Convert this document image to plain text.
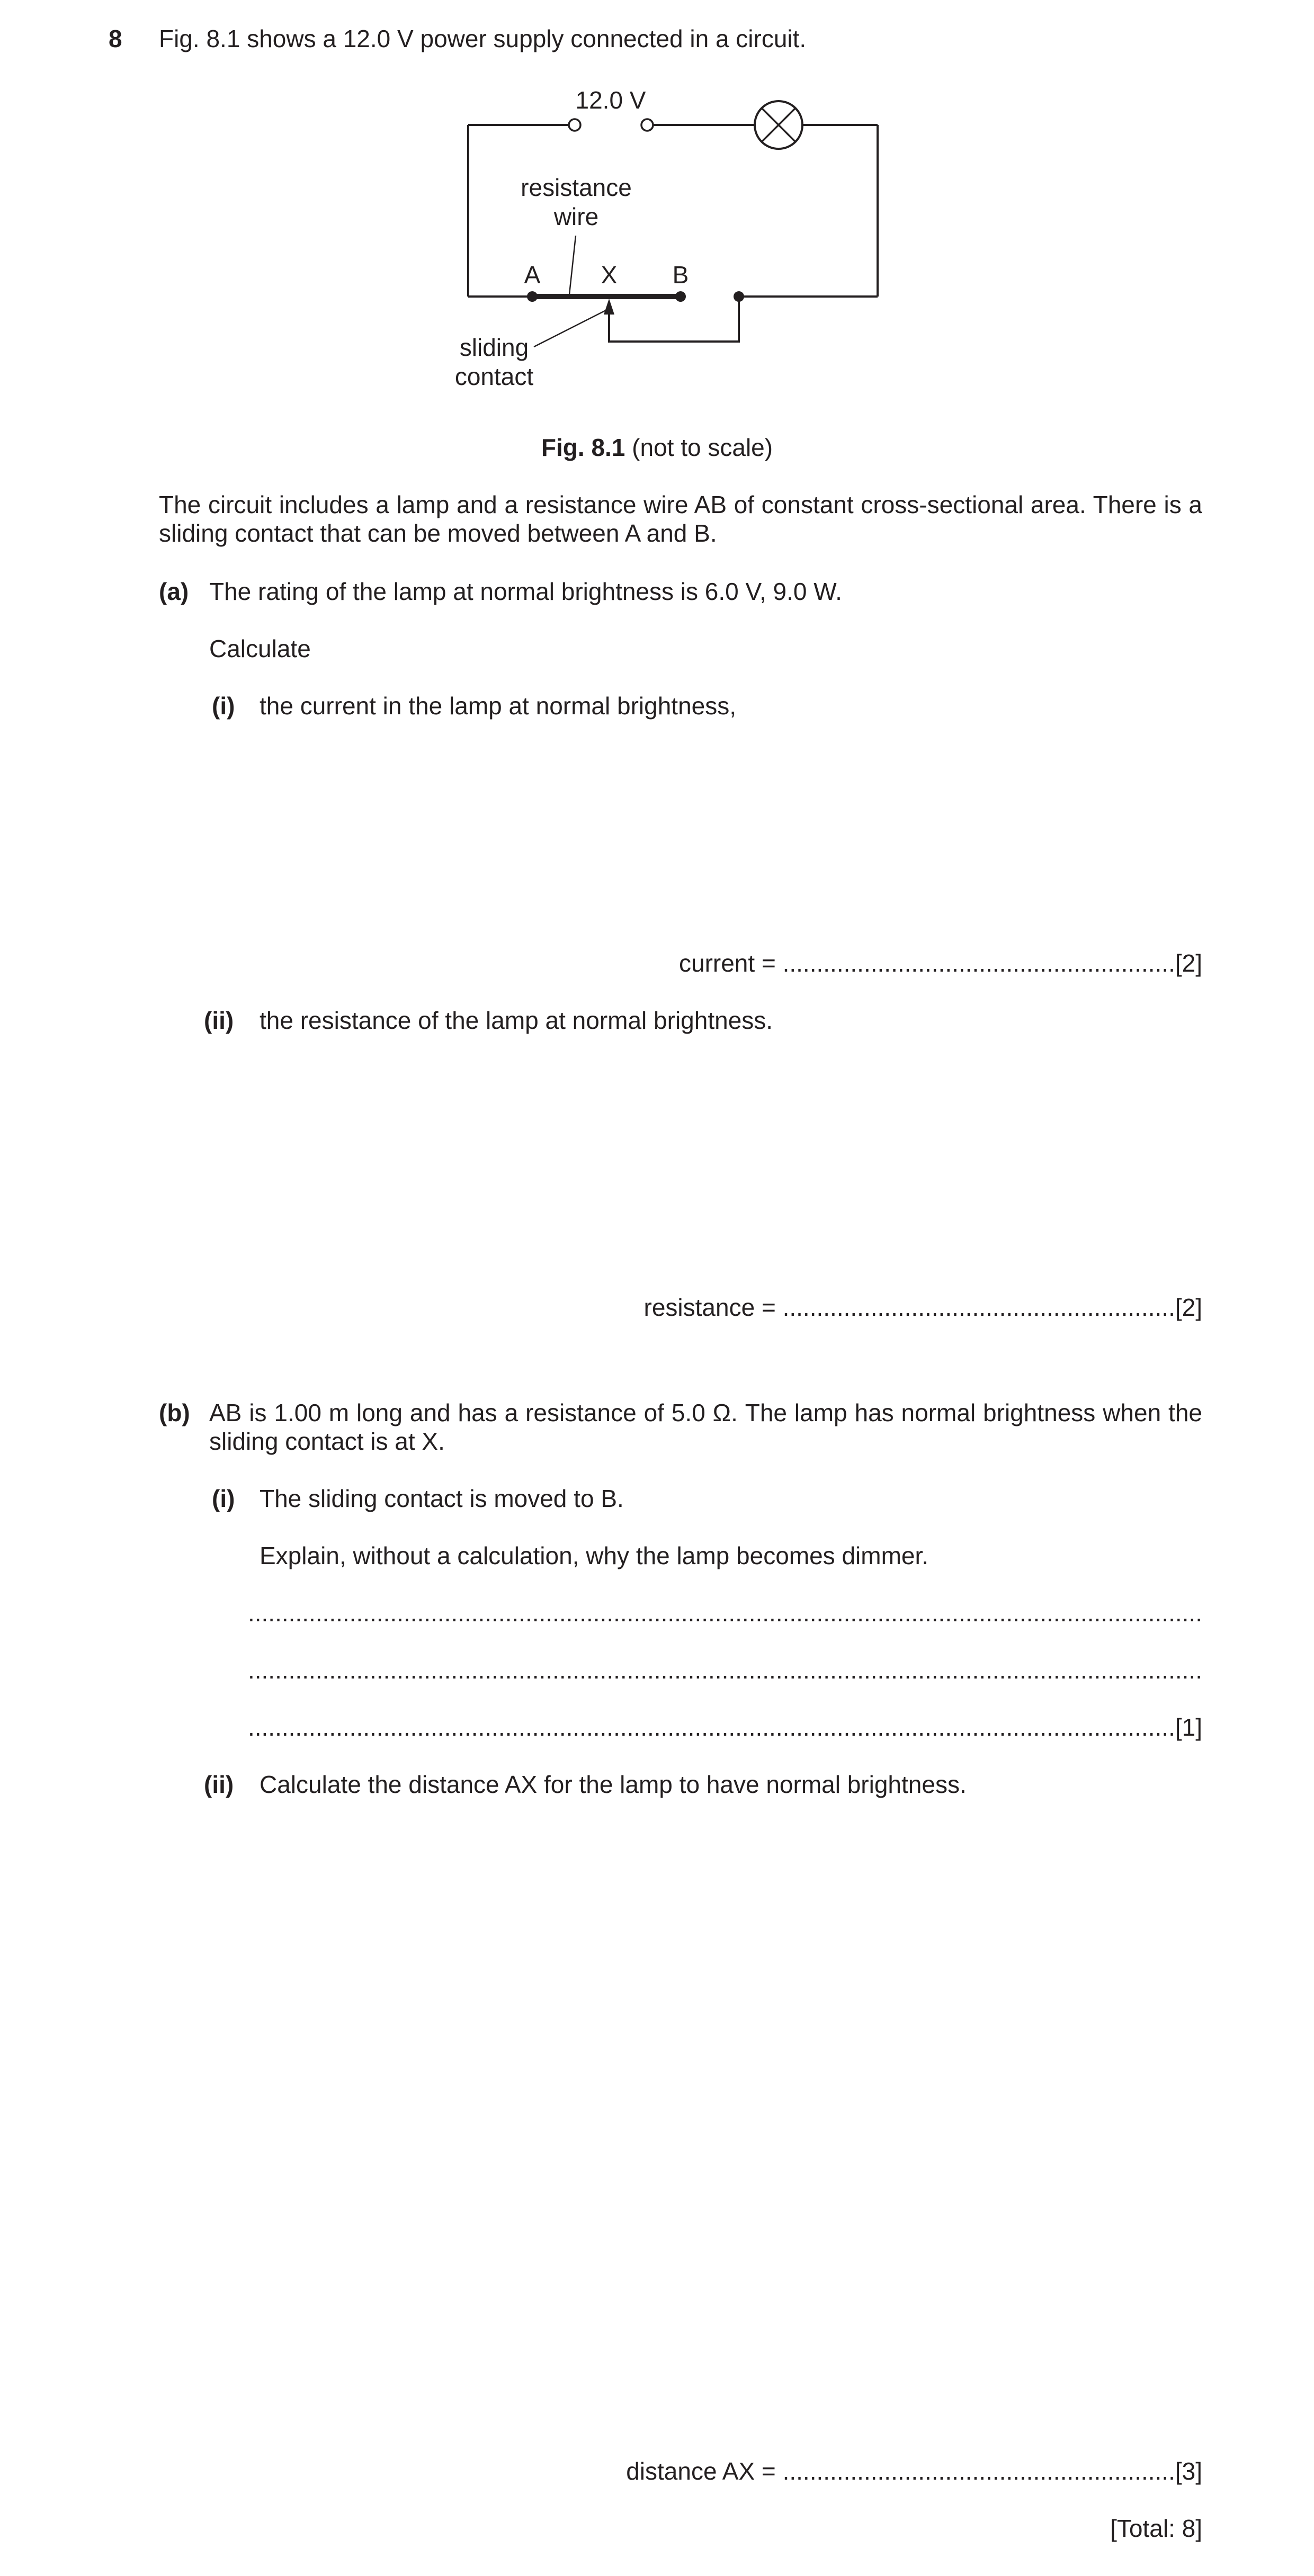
8 Fig. 8.1 shows a 12.0 V power supply connected in a circuit.
12.0 V
resistance
wire
A X B
sliding
contact
Fig. 8.1 (not to scale)
The circuit includes a lamp and a resistance wire AB of constant cross-sectional area. There is a sliding contact that can be moved between A and B.
(a) The rating of the lamp at normal brightness is 6.0 V, 9.0 W.
Calculate
(i) the current in the lamp at normal brightness,
current = ..........................................................[2]
(ii) the resistance of the lamp at normal brightness.
resistance = ..........................................................[2]
(b) AB is 1.00 m long and has a resistance of 5.0 Ω. The lamp has normal brightness when the sliding contact is at X.
(i) The sliding contact is moved to B.
Explain, without a calculation, why the lamp becomes dimmer.
.............................................................................................................................................
.............................................................................................................................................
.........................................................................................................................................[1]
(ii) Calculate the distance AX for the lamp to have normal brightness.
distance AX = ..........................................................[3]
[Total: 8]
